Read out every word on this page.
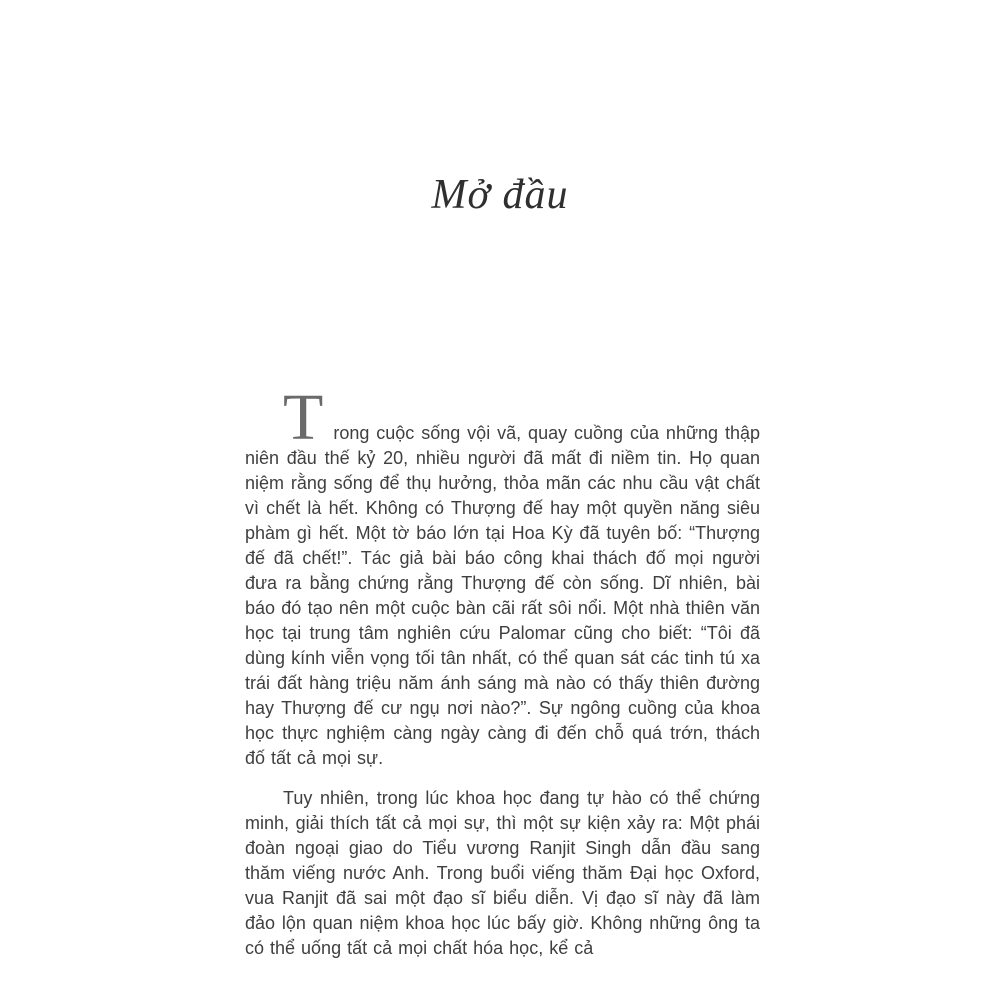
Mở đầu

Trong cuộc sống vội vã, quay cuồng của những thập niên đầu thế kỷ 20, nhiều người đã mất đi niềm tin. Họ quan niệm rằng sống để thụ hưởng, thỏa mãn các nhu cầu vật chất vì chết là hết. Không có Thượng đế hay một quyền năng siêu phàm gì hết. Một tờ báo lớn tại Hoa Kỳ đã tuyên bố: “Thượng đế đã chết!”. Tác giả bài báo công khai thách đố mọi người đưa ra bằng chứng rằng Thượng đế còn sống. Dĩ nhiên, bài báo đó tạo nên một cuộc bàn cãi rất sôi nổi. Một nhà thiên văn học tại trung tâm nghiên cứu Palomar cũng cho biết: “Tôi đã dùng kính viễn vọng tối tân nhất, có thể quan sát các tinh tú xa trái đất hàng triệu năm ánh sáng mà nào có thấy thiên đường hay Thượng đế cư ngụ nơi nào?”. Sự ngông cuồng của khoa học thực nghiệm càng ngày càng đi đến chỗ quá trớn, thách đố tất cả mọi sự.

Tuy nhiên, trong lúc khoa học đang tự hào có thể chứng minh, giải thích tất cả mọi sự, thì một sự kiện xảy ra: Một phái đoàn ngoại giao do Tiểu vương Ranjit Singh dẫn đầu sang thăm viếng nước Anh. Trong buổi viếng thăm Đại học Oxford, vua Ranjit đã sai một đạo sĩ biểu diễn. Vị đạo sĩ này đã làm đảo lộn quan niệm khoa học lúc bấy giờ. Không những ông ta có thể uống tất cả mọi chất hóa học, kể cả
